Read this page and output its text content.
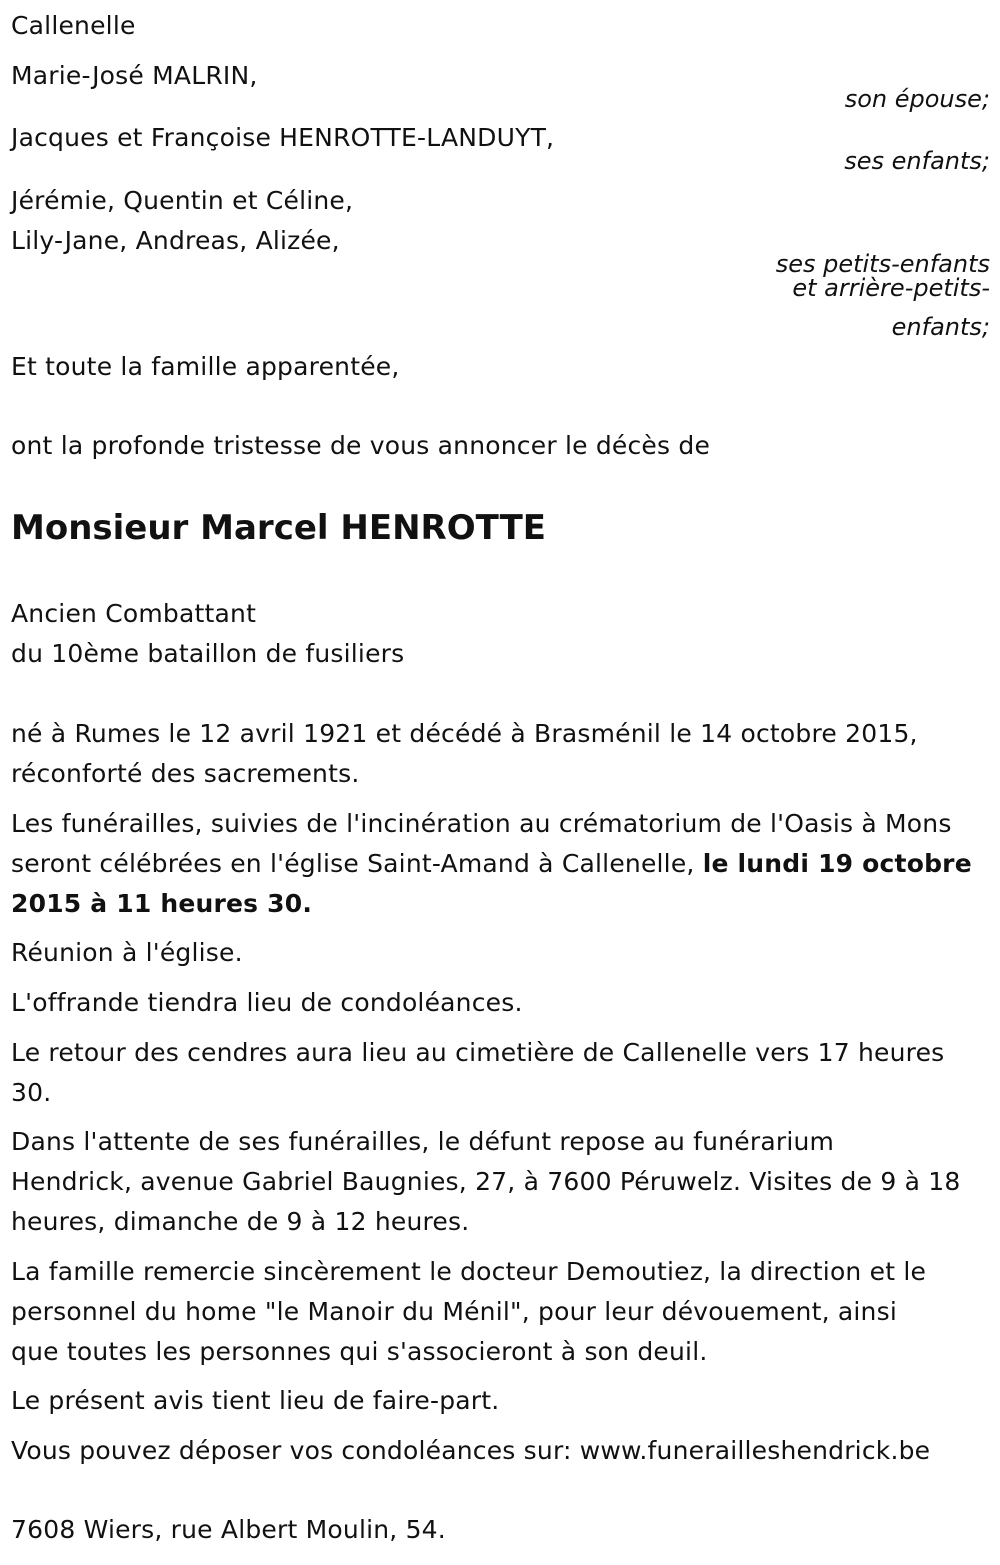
Callenelle
Marie-José MALRIN,
son épouse;
Jacques et Françoise HENROTTE-LANDUYT,
ses enfants;
Jérémie, Quentin et Céline,
Lily-Jane, Andreas, Alizée,
ses petits-enfants
et arrière-petits-
enfants;
Et toute la famille apparentée,
ont la profonde tristesse de vous annoncer le décès de
Monsieur Marcel HENROTTE
Ancien Combattant
du 10ème bataillon de fusiliers
né à Rumes le 12 avril 1921 et décédé à Brasménil le 14 octobre 2015,
réconforté des sacrements.
Les funérailles, suivies de l'incinération au crématorium de l'Oasis à Mons
seront célébrées en l'église Saint-Amand à Callenelle, le lundi 19 octobre
2015 à 11 heures 30.
Réunion à l'église.
L'offrande tiendra lieu de condoléances.
Le retour des cendres aura lieu au cimetière de Callenelle vers 17 heures
30.
Dans l'attente de ses funérailles, le défunt repose au funérarium
Hendrick, avenue Gabriel Baugnies, 27, à 7600 Péruwelz. Visites de 9 à 18
heures, dimanche de 9 à 12 heures.
La famille remercie sincèrement le docteur Demoutiez, la direction et le
personnel du home "le Manoir du Ménil", pour leur dévouement, ainsi
que toutes les personnes qui s'associeront à son deuil.
Le présent avis tient lieu de faire-part.
Vous pouvez déposer vos condoléances sur: www.funerailleshendrick.be
7608 Wiers, rue Albert Moulin, 54.
